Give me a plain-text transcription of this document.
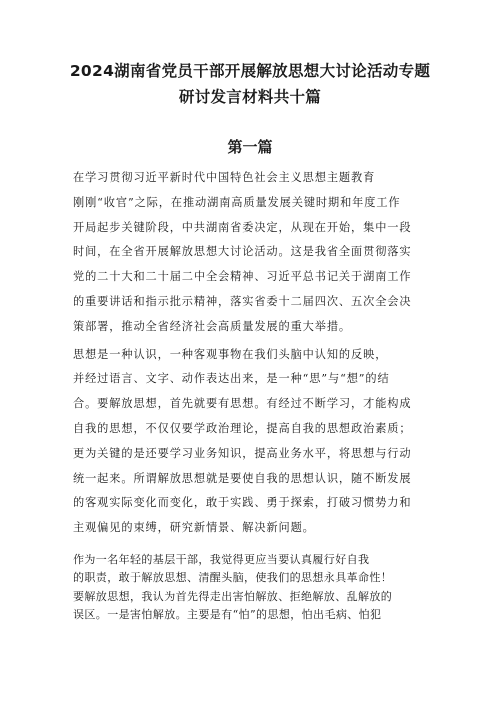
2024湖南省党员干部开展解放思想大讨论活动专题
研讨发言材料共十篇
第一篇
在学习贯彻习近平新时代中国特色社会主义思想主题教育
刚刚“收官”之际，在推动湖南高质量发展关键时期和年度工作
开局起步关键阶段，中共湖南省委决定，从现在开始，集中一段
时间，在全省开展解放思想大讨论活动。这是我省全面贯彻落实
党的二十大和二十届二中全会精神、习近平总书记关于湖南工作
的重要讲话和指示批示精神，落实省委十二届四次、五次全会决
策部署，推动全省经济社会高质量发展的重大举措。
思想是一种认识，一种客观事物在我们头脑中认知的反映，
并经过语言、文字、动作表达出来，是一种“思”与“想”的结
合。要解放思想，首先就要有思想。有经过不断学习，才能构成
自我的思想，不仅仅要学政治理论，提高自我的思想政治素质；
更为关键的是还要学习业务知识，提高业务水平，将思想与行动
统一起来。所谓解放思想就是要使自我的思想认识，随不断发展
的客观实际变化而变化，敢于实践、勇于探索，打破习惯势力和
主观偏见的束缚，研究新情景、解决新问题。
作为一名年轻的基层干部，我觉得更应当要认真履行好自我
的职责，敢于解放思想、清醒头脑，使我们的思想永具革命性！
要解放思想，我认为首先得走出害怕解放、拒绝解放、乱解放的
误区。一是害怕解放。主要是有“怕”的思想，怕出毛病、怕犯
